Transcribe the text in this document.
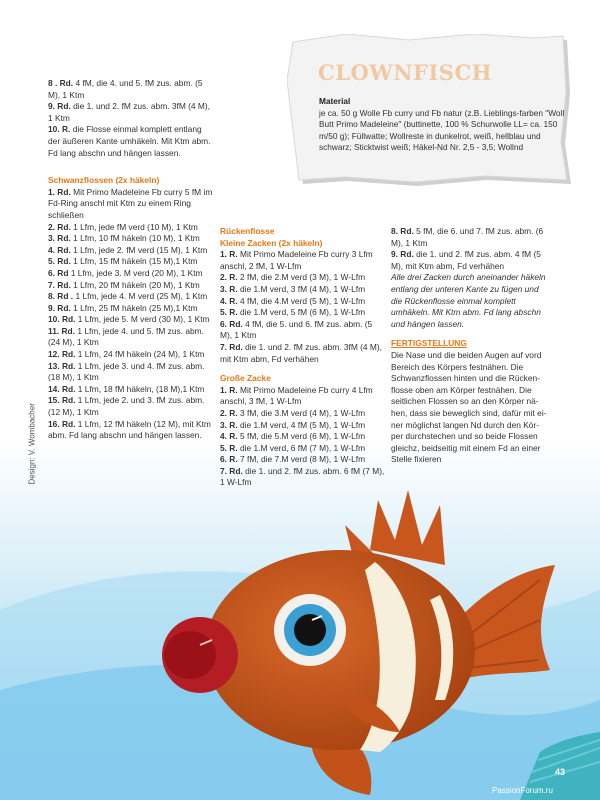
CLOWNFISCH

Material

je ca. 50 g Wolle Fb curry und Fb natur (z.B. Lieblings-farben "Woll Butt Primo Madeleine" (buttinette, 100 % Schurwolle LL= ca. 150 m/50 g); Füllwatte; Wollreste in dunkelrot, weiß, hellblau und schwarz; Sticktwist weiß; Häkel-Nd Nr. 2,5 - 3,5; Wollnd

8 . Rd. 4 fM, die 4. und 5. fM zus. abm. (5 M), 1 Ktm

9. Rd. die 1. und 2. fM zus. abm. 3fM (4 M), 1 Ktm

10. R. die Flosse einmal komplett entlang der äußeren Kante umhäkeln. Mit Ktm abm. Fd lang abschn und hängen lassen.

Schwanzflossen (2x häkeln)

1. Rd. Mit Primo Madeleine Fb curry 5 fM im Fd-Ring anschl mit Ktm zu einem Ring schließen

2. Rd. 1 Lfm, jede fM verd (10 M), 1 Ktm

3. Rd. 1 Lfm, 10 fM häkeln (10 M), 1 Ktm

4. Rd. 1 Lfm, jede 2. fM verd (15 M), 1 Ktm

5. Rd. 1 Lfm, 15 fM häkeln (15 M),1 Ktm

6. Rd 1 Lfm, jede 3. M verd (20 M), 1 Ktm

7. Rd. 1 Lfm, 20 fM häkeln (20 M), 1 Ktm

8. Rd . 1 Lfm, jede 4. M verd (25 M), 1 Ktm

9. Rd. 1 Lfm, 25 fM häkeln (25 M),1 Ktm

10. Rd. 1 Lfm, jede 5. M verd (30 M), 1 Ktm

11. Rd. 1 Lfm, jede 4. und 5. fM zus. abm. (24 M), 1 Ktm

12. Rd. 1 Lfm, 24 fM häkeln (24 M), 1 Ktm

13. Rd. 1 Lfm, jede 3. und 4. fM zus. abm. (18 M), 1 Ktm

14. Rd. 1 Lfm, 18 fM häkeln, (18 M),1 Ktm

15. Rd. 1 Lfm, jede 2. und 3. fM zus. abm. (12 M), 1 Ktm

16. Rd. 1 Lfm, 12 fM häkeln (12 M), mit Ktm abm. Fd lang abschn und hängen lassen.

Rückenflosse

Kleine Zacken (2x häkeln)

1. R. Mit Primo Madeleine Fb curry 3 Lfm anschl, 2 fM, 1 W-Lfm

2. R. 2 fM, die 2.M verd (3 M), 1 W-Lfm

3. R. die 1.M verd, 3 fM (4 M), 1 W-Lfm

4. R. 4 fM, die 4.M verd (5 M), 1 W-Lfm

5. R. die 1.M verd, 5 fM (6 M), 1 W-Lfm

6. Rd. 4 fM, die 5. und 6. fM zus. abm. (5 M), 1 Ktm

7. Rd. die 1. und 2. fM zus. abm. 3fM (4 M), mit Ktm abm, Fd verhähen

Große Zacke

1. R. Mit Primo Madeleine Fb curry 4 Lfm anschl, 3 fM, 1 W-Lfm

2. R. 3 fM, die 3.M verd (4 M), 1 W-Lfm

3. R. die 1.M verd, 4 fM (5 M), 1 W-Lfm

4. R. 5 fM, die 5.M verd (6 M), 1 W-Lfm

5. R. die 1.M verd, 6 fM (7 M), 1 W-Lfm

6. R. 7 fM, die 7.M verd (8 M), 1 W-Lfm

7. Rd. die 1. und 2. fM zus. abm. 6 fM (7 M), 1 W-Lfm

8. Rd. 5 fM, die 6. und 7. fM zus. abm. (6 M), 1 Ktm

9. Rd. die 1. und 2. fM zus. abm. 4 fM (5 M), mit Ktm abm, Fd verhähen

Alle drei Zacken durch aneinander häkeln entlang der unteren Kante zu fügen und die Rückenflosse einmal komplett umhäkeln. Mit Ktm abm. Fd lang abschn und hängen lassen.

FERTIGSTELLUNG

Die Nase und die beiden Augen auf vord Bereich des Körpers festnähen. Die Schwanzflossen hinten und die Rücken-flosse oben am Körper festnähen. Die seitlichen Flossen so an den Körper nä-hen, dass sie beweglich sind, dafür mit ei-ner möglichst langen Nd durch den Kör-per durchstechen und so beide Flossen gleichz, beidseitig mit einem Fd an einer Stelle fixieren

Design: V. Wombacher

43

PassionForum.ru
